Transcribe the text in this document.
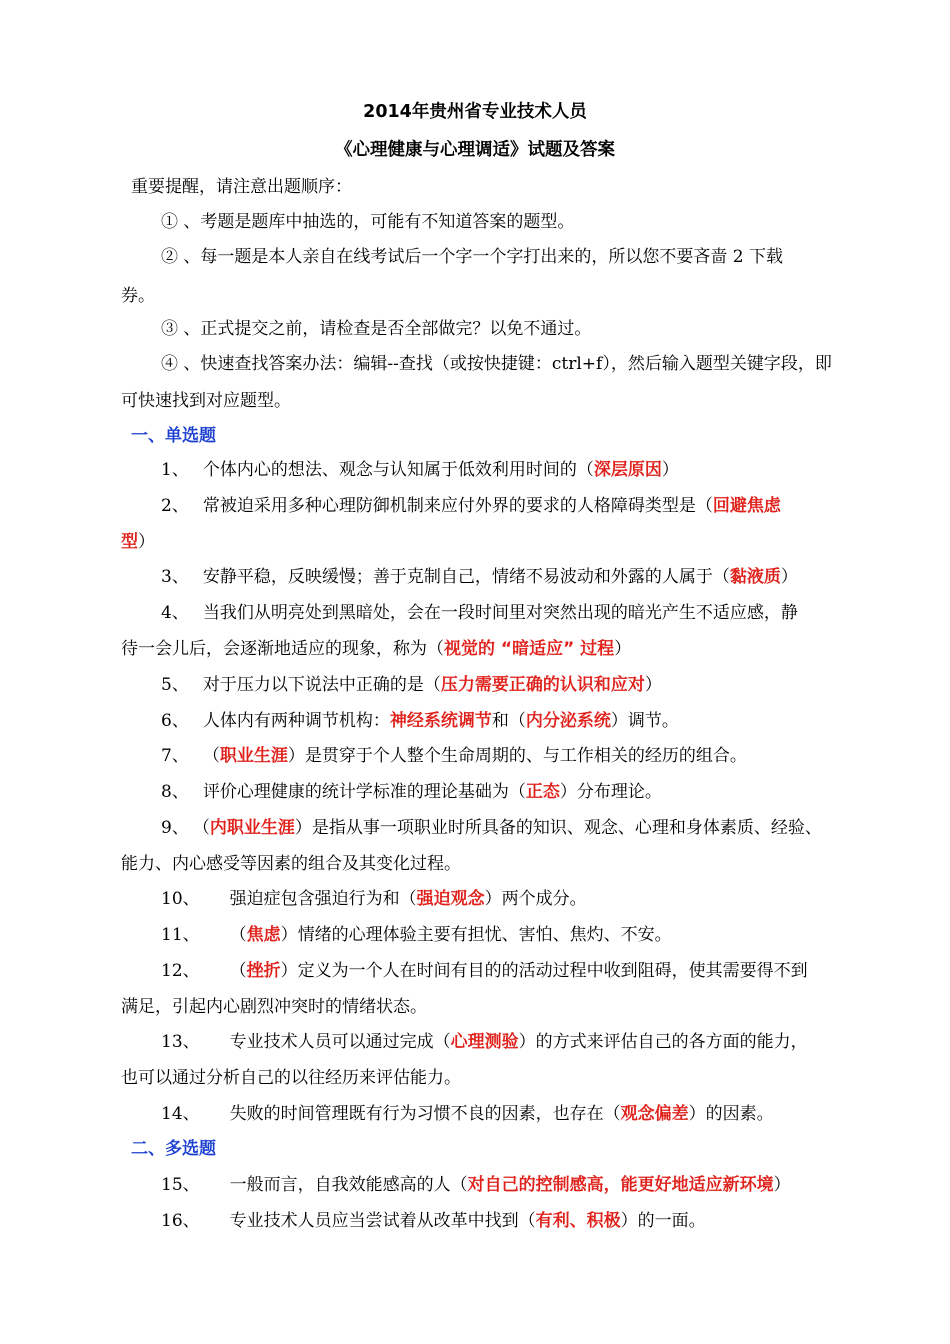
2014年贵州省专业技术人员
《心理健康与心理调适》试题及答案
重要提醒，请注意出题顺序：
① 、考题是题库中抽选的，可能有不知道答案的题型。
② 、每一题是本人亲自在线考试后一个字一个字打出来的，所以您不要吝啬 2 下载
券。
③ 、正式提交之前，请检查是否全部做完？以免不通过。
④ 、快速查找答案办法：编辑--查找（或按快捷键：ctrl+f），然后输入题型关键字段，即
可快速找到对应题型。
一、单选题
1、 个体内心的想法、观念与认知属于低效利用时间的（深层原因）
2、 常被迫采用多种心理防御机制来应付外界的要求的人格障碍类型是（回避焦虑
型）
3、 安静平稳，反映缓慢；善于克制自己，情绪不易波动和外露的人属于（黏液质）
4、 当我们从明亮处到黑暗处，会在一段时间里对突然出现的暗光产生不适应感，静
待一会儿后，会逐渐地适应的现象，称为（视觉的 “暗适应” 过程）
5、 对于压力以下说法中正确的是（压力需要正确的认识和应对）
6、 人体内有两种调节机构：神经系统调节和（内分泌系统）调节。
7、 （职业生涯）是贯穿于个人整个生命周期的、与工作相关的经历的组合。
8、 评价心理健康的统计学标准的理论基础为（正态）分布理论。
9、 （内职业生涯）是指从事一项职业时所具备的知识、观念、心理和身体素质、经验、
能力、内心感受等因素的组合及其变化过程。
10、 强迫症包含强迫行为和（强迫观念）两个成分。
11、 （焦虑）情绪的心理体验主要有担忧、害怕、焦灼、不安。
12、 （挫折）定义为一个人在时间有目的的活动过程中收到阻碍，使其需要得不到
满足，引起内心剧烈冲突时的情绪状态。
13、 专业技术人员可以通过完成（心理测验）的方式来评估自己的各方面的能力，
也可以通过分析自己的以往经历来评估能力。
14、 失败的时间管理既有行为习惯不良的因素，也存在（观念偏差）的因素。
二、多选题
15、 一般而言，自我效能感高的人（对自己的控制感高，能更好地适应新环境）
16、 专业技术人员应当尝试着从改革中找到（有利、积极）的一面。
